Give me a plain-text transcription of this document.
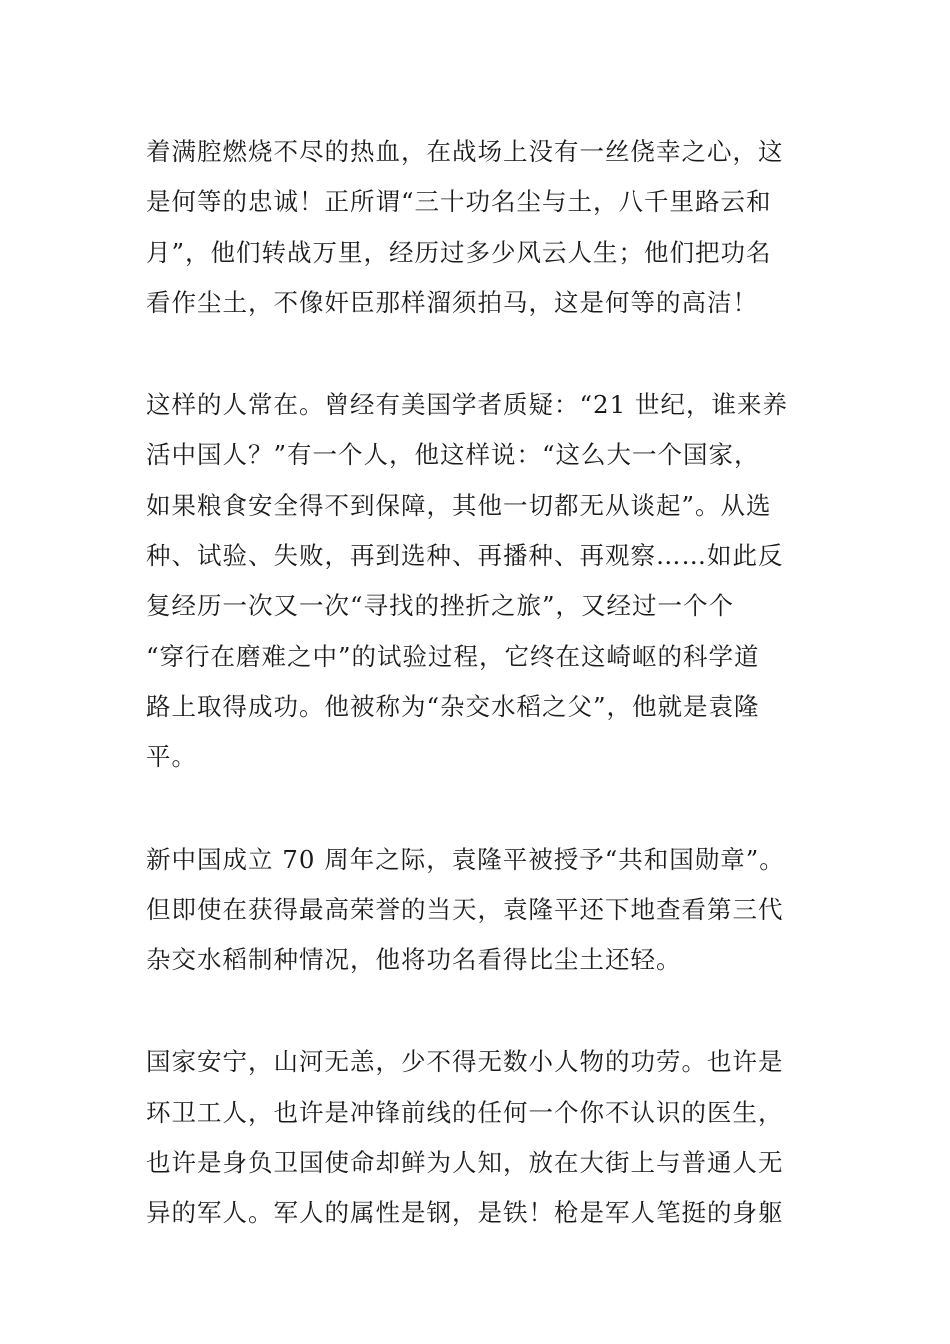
着满腔燃烧不尽的热血，在战场上没有一丝侥幸之心，这
是何等的忠诚！正所谓“三十功名尘与土，八千里路云和
月”，他们转战万里，经历过多少风云人生；他们把功名
看作尘土，不像奸臣那样溜须拍马，这是何等的高洁！
这样的人常在。曾经有美国学者质疑：“21 世纪，谁来养
活中国人？”有一个人，他这样说：“这么大一个国家，
如果粮食安全得不到保障，其他一切都无从谈起”。从选
种、试验、失败，再到选种、再播种、再观察……如此反
复经历一次又一次“寻找的挫折之旅”，又经过一个个
“穿行在磨难之中”的试验过程，它终在这崎岖的科学道
路上取得成功。他被称为“杂交水稻之父”，他就是袁隆
平。
新中国成立 70 周年之际，袁隆平被授予“共和国勋章”。
但即使在获得最高荣誉的当天，袁隆平还下地查看第三代
杂交水稻制种情况，他将功名看得比尘土还轻。
国家安宁，山河无恙，少不得无数小人物的功劳。也许是
环卫工人，也许是冲锋前线的任何一个你不认识的医生，
也许是身负卫国使命却鲜为人知，放在大街上与普通人无
异的军人。军人的属性是钢，是铁！枪是军人笔挺的身躯
